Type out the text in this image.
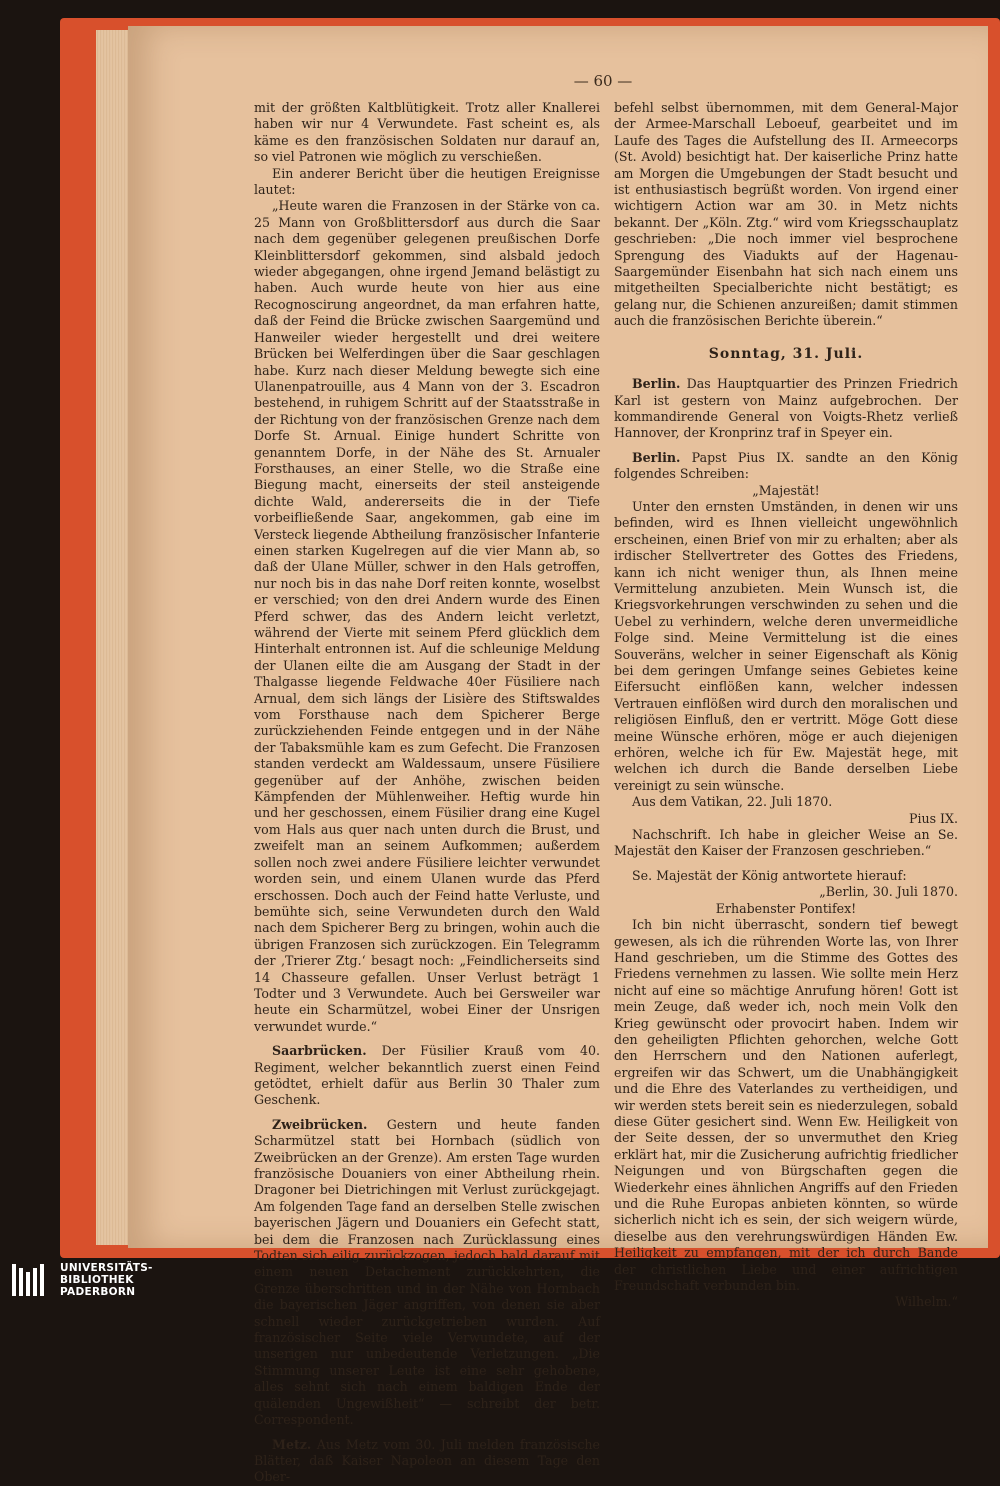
— 60 —

mit der größten Kaltblütigkeit. Trotz aller Knallerei haben wir nur 4 Verwundete. Fast scheint es, als käme es den französischen Soldaten nur darauf an, so viel Patronen wie möglich zu verschießen.

Ein anderer Bericht über die heutigen Ereignisse lautet:

„Heute waren die Franzosen in der Stärke von ca. 25 Mann von Großblittersdorf aus durch die Saar nach dem gegenüber gelegenen preußischen Dorfe Kleinblittersdorf gekommen, sind alsbald jedoch wieder abgegangen, ohne irgend Jemand belästigt zu haben. Auch wurde heute von hier aus eine Recognoscirung angeordnet, da man erfahren hatte, daß der Feind die Brücke zwischen Saargemünd und Hanweiler wieder hergestellt und drei weitere Brücken bei Welferdingen über die Saar geschlagen habe. Kurz nach dieser Meldung bewegte sich eine Ulanenpatrouille, aus 4 Mann von der 3. Escadron bestehend, in ruhigem Schritt auf der Staatsstraße in der Richtung von der französischen Grenze nach dem Dorfe St. Arnual. Einige hundert Schritte von genanntem Dorfe, in der Nähe des St. Arnualer Forsthauses, an einer Stelle, wo die Straße eine Biegung macht, einerseits der steil ansteigende dichte Wald, andererseits die in der Tiefe vorbeifließende Saar, angekommen, gab eine im Versteck liegende Abtheilung französischer Infanterie einen starken Kugelregen auf die vier Mann ab, so daß der Ulane Müller, schwer in den Hals getroffen, nur noch bis in das nahe Dorf reiten konnte, woselbst er verschied; von den drei Andern wurde des Einen Pferd schwer, das des Andern leicht verletzt, während der Vierte mit seinem Pferd glücklich dem Hinterhalt entronnen ist. Auf die schleunige Meldung der Ulanen eilte die am Ausgang der Stadt in der Thalgasse liegende Feldwache 40er Füsiliere nach Arnual, dem sich längs der Lisière des Stiftswaldes vom Forsthause nach dem Spicherer Berge zurückziehenden Feinde entgegen und in der Nähe der Tabaksmühle kam es zum Gefecht. Die Franzosen standen verdeckt am Waldessaum, unsere Füsiliere gegenüber auf der Anhöhe, zwischen beiden Kämpfenden der Mühlenweiher. Heftig wurde hin und her geschossen, einem Füsilier drang eine Kugel vom Hals aus quer nach unten durch die Brust, und zweifelt man an seinem Aufkommen; außerdem sollen noch zwei andere Füsiliere leichter verwundet worden sein, und einem Ulanen wurde das Pferd erschossen. Doch auch der Feind hatte Verluste, und bemühte sich, seine Verwundeten durch den Wald nach dem Spicherer Berg zu bringen, wohin auch die übrigen Franzosen sich zurückzogen. Ein Telegramm der ‚Trierer Ztg.‘ besagt noch: „Feindlicherseits sind 14 Chasseure gefallen. Unser Verlust beträgt 1 Todter und 3 Verwundete. Auch bei Gersweiler war heute ein Scharmützel, wobei Einer der Unsrigen verwundet wurde.“

Saarbrücken. Der Füsilier Krauß vom 40. Regiment, welcher bekanntlich zuerst einen Feind getödtet, erhielt dafür aus Berlin 30 Thaler zum Geschenk.

Zweibrücken. Gestern und heute fanden Scharmützel statt bei Hornbach (südlich von Zweibrücken an der Grenze). Am ersten Tage wurden französische Douaniers von einer Abtheilung rhein. Dragoner bei Dietrichingen mit Verlust zurückgejagt. Am folgenden Tage fand an derselben Stelle zwischen bayerischen Jägern und Douaniers ein Gefecht statt, bei dem die Franzosen nach Zurücklassung eines Todten sich eilig zurückzogen, jedoch bald darauf mit einem neuen Detachement zurückkehrten, die Grenze überschritten und in der Nähe von Hornbach die bayerischen Jäger angriffen, von denen sie aber schnell wieder zurückgetrieben wurden. Auf französischer Seite viele Verwundete, auf der unserigen nur unbedeutende Verletzungen. „Die Stimmung unserer Leute ist eine sehr gehobene, alles sehnt sich nach einem baldigen Ende der quälenden Ungewißheit“ — schreibt der betr. Correspondent.

Metz. Aus Metz vom 30. Juli melden französische Blätter, daß Kaiser Napoleon an diesem Tage den Ober-

befehl selbst übernommen, mit dem General-Major der Armee-Marschall Leboeuf, gearbeitet und im Laufe des Tages die Aufstellung des II. Armeecorps (St. Avold) besichtigt hat. Der kaiserliche Prinz hatte am Morgen die Umgebungen der Stadt besucht und ist enthusiastisch begrüßt worden. Von irgend einer wichtigern Action war am 30. in Metz nichts bekannt. Der „Köln. Ztg.“ wird vom Kriegsschauplatz geschrieben: „Die noch immer viel besprochene Sprengung des Viadukts auf der Hagenau-Saargemünder Eisenbahn hat sich nach einem uns mitgetheilten Specialberichte nicht bestätigt; es gelang nur, die Schienen anzureißen; damit stimmen auch die französischen Berichte überein.“

Sonntag, 31. Juli.

Berlin. Das Hauptquartier des Prinzen Friedrich Karl ist gestern von Mainz aufgebrochen. Der kommandirende General von Voigts-Rhetz verließ Hannover, der Kronprinz traf in Speyer ein.

Berlin. Papst Pius IX. sandte an den König folgendes Schreiben:

„Majestät!

Unter den ernsten Umständen, in denen wir uns befinden, wird es Ihnen vielleicht ungewöhnlich erscheinen, einen Brief von mir zu erhalten; aber als irdischer Stellvertreter des Gottes des Friedens, kann ich nicht weniger thun, als Ihnen meine Vermittelung anzubieten. Mein Wunsch ist, die Kriegsvorkehrungen verschwinden zu sehen und die Uebel zu verhindern, welche deren unvermeidliche Folge sind. Meine Vermittelung ist die eines Souveräns, welcher in seiner Eigenschaft als König bei dem geringen Umfange seines Gebietes keine Eifersucht einflößen kann, welcher indessen Vertrauen einflößen wird durch den moralischen und religiösen Einfluß, den er vertritt. Möge Gott diese meine Wünsche erhören, möge er auch diejenigen erhören, welche ich für Ew. Majestät hege, mit welchen ich durch die Bande derselben Liebe vereinigt zu sein wünsche.

Aus dem Vatikan, 22. Juli 1870.

Pius IX.

Nachschrift. Ich habe in gleicher Weise an Se. Majestät den Kaiser der Franzosen geschrieben.“

Se. Majestät der König antwortete hierauf:

„Berlin, 30. Juli 1870.

Erhabenster Pontifex!

Ich bin nicht überrascht, sondern tief bewegt gewesen, als ich die rührenden Worte las, von Ihrer Hand geschrieben, um die Stimme des Gottes des Friedens vernehmen zu lassen. Wie sollte mein Herz nicht auf eine so mächtige Anrufung hören! Gott ist mein Zeuge, daß weder ich, noch mein Volk den Krieg gewünscht oder provocirt haben. Indem wir den geheiligten Pflichten gehorchen, welche Gott den Herrschern und den Nationen auferlegt, ergreifen wir das Schwert, um die Unabhängigkeit und die Ehre des Vaterlandes zu vertheidigen, und wir werden stets bereit sein es niederzulegen, sobald diese Güter gesichert sind. Wenn Ew. Heiligkeit von der Seite dessen, der so unvermuthet den Krieg erklärt hat, mir die Zusicherung aufrichtig friedlicher Neigungen und von Bürgschaften gegen die Wiederkehr eines ähnlichen Angriffs auf den Frieden und die Ruhe Europas anbieten könnten, so würde sicherlich nicht ich es sein, der sich weigern würde, dieselbe aus den verehrungswürdigen Händen Ew. Heiligkeit zu empfangen, mit der ich durch Bande der christlichen Liebe und einer aufrichtigen Freundschaft verbunden bin.

Wilhelm.“

UNIVERSITÄTS-
BIBLIOTHEK
PADERBORN
